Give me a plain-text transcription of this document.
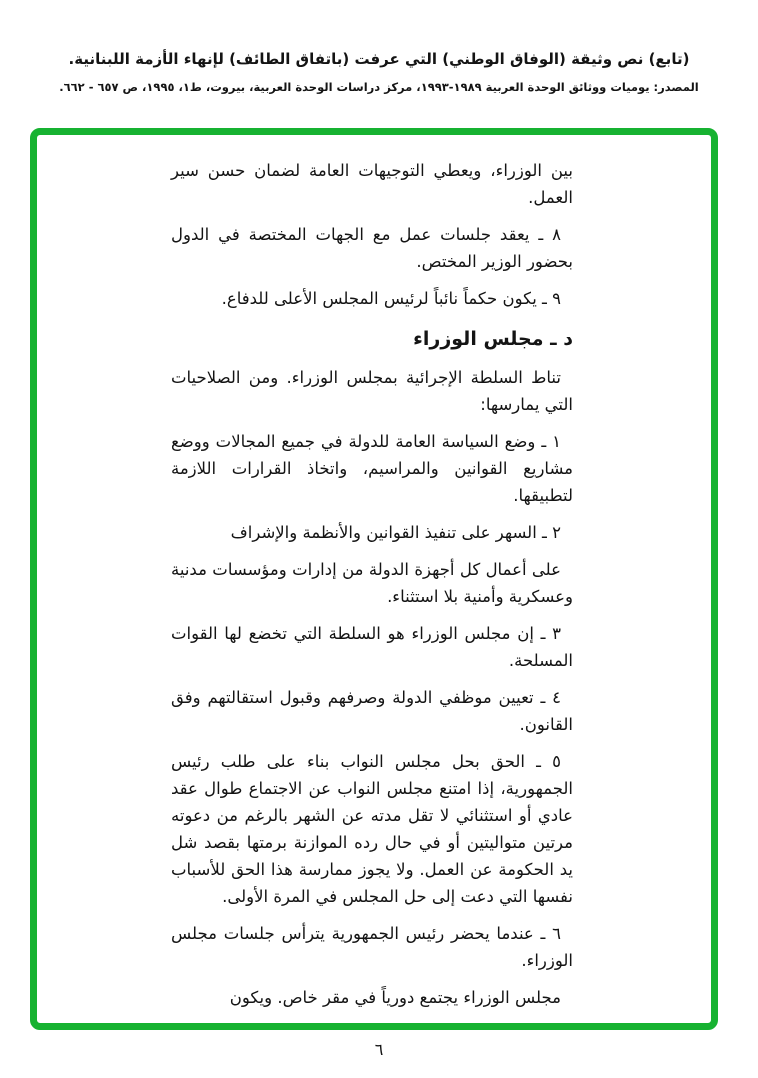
(تابع) نص وثيقة (الوفاق الوطني) التي عرفت (باتفاق الطائف) لإنهاء الأزمة اللبنانية.
المصدر: يوميات ووثائق الوحدة العربية ١٩٨٩-١٩٩٣، مركز دراسات الوحدة العربية، بيروت، ط١، ١٩٩٥، ص ٦٥٧ - ٦٦٢.

بين الوزراء، ويعطي التوجيهات العامة لضمان حسن سير العمل.

٨ ـ يعقد جلسات عمل مع الجهات المختصة في الدول بحضور الوزير المختص.

٩ ـ يكون حكماً نائباً لرئيس المجلس الأعلى للدفاع.

د ـ مجلس الوزراء

تناط السلطة الإجرائية بمجلس الوزراء. ومن الصلاحيات التي يمارسها:

١ ـ وضع السياسة العامة للدولة في جميع المجالات ووضع مشاريع القوانين والمراسيم، واتخاذ القرارات اللازمة لتطبيقها.

٢ ـ السهر على تنفيذ القوانين والأنظمة والإشراف

على أعمال كل أجهزة الدولة من إدارات ومؤسسات مدنية وعسكرية وأمنية بلا استثناء.

٣ ـ إن مجلس الوزراء هو السلطة التي تخضع لها القوات المسلحة.

٤ ـ تعيين موظفي الدولة وصرفهم وقبول استقالتهم وفق القانون.

٥ ـ الحق بحل مجلس النواب بناء على طلب رئيس الجمهورية، إذا امتنع مجلس النواب عن الاجتماع طوال عقد عادي أو استثنائي لا تقل مدته عن الشهر بالرغم من دعوته مرتين متواليتين أو في حال رده الموازنة برمتها بقصد شل يد الحكومة عن العمل. ولا يجوز ممارسة هذا الحق للأسباب نفسها التي دعت إلى حل المجلس في المرة الأولى.

٦ ـ عندما يحضر رئيس الجمهورية يترأس جلسات مجلس الوزراء.

مجلس الوزراء يجتمع دورياً في مقر خاص. ويكون

٦
